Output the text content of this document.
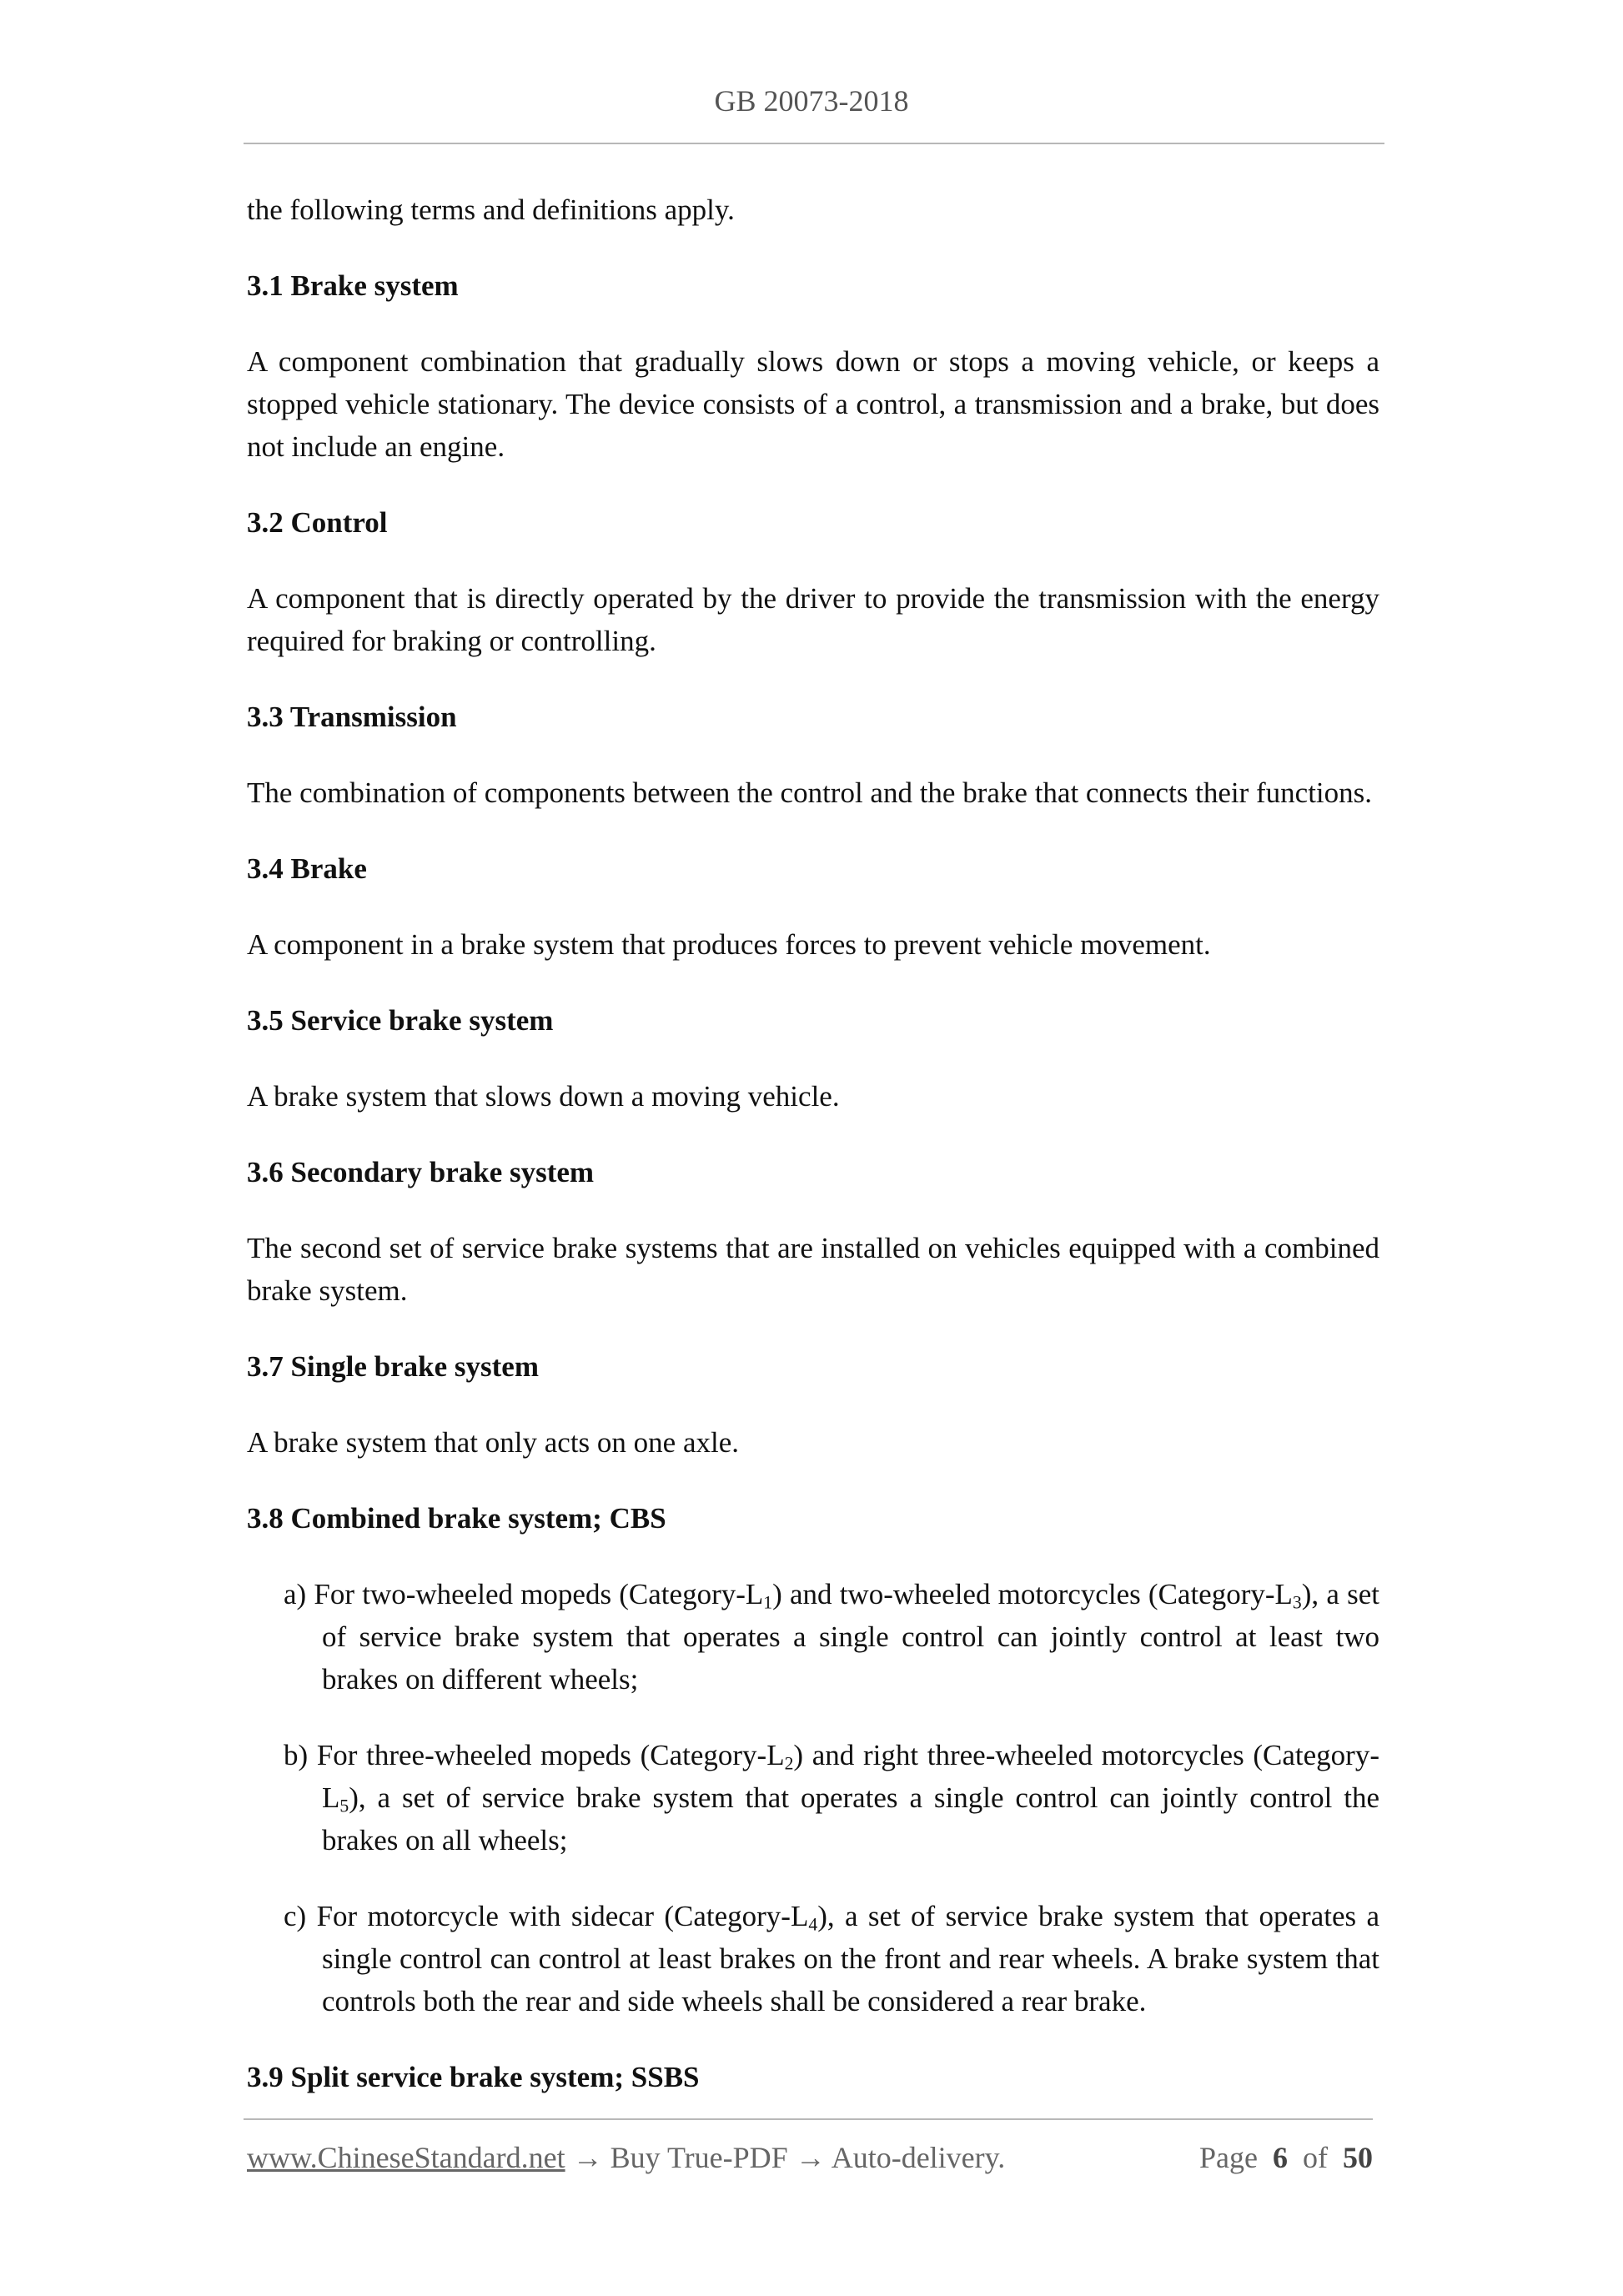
GB 20073-2018

the following terms and definitions apply.

3.1 Brake system

A component combination that gradually slows down or stops a moving vehicle, or keeps a stopped vehicle stationary. The device consists of a control, a transmission and a brake, but does not include an engine.

3.2 Control

A component that is directly operated by the driver to provide the transmission with the energy required for braking or controlling.

3.3 Transmission

The combination of components between the control and the brake that connects their functions.

3.4 Brake

A component in a brake system that produces forces to prevent vehicle movement.

3.5 Service brake system

A brake system that slows down a moving vehicle.

3.6 Secondary brake system

The second set of service brake systems that are installed on vehicles equipped with a combined brake system.

3.7 Single brake system

A brake system that only acts on one axle.

3.8 Combined brake system; CBS

a) For two-wheeled mopeds $(Category-L_1)$ and two-wheeled motorcycles $(Category-L_3)$, a set of service brake system that operates a single control can jointly control at least two brakes on different wheels;

b) For three-wheeled mopeds $(Category-L_2)$ and right three-wheeled motorcycles $(Category-L_5)$, a set of service brake system that operates a single control can jointly control the brakes on all wheels;

c) For motorcycle with sidecar $(Category-L_4)$, a set of service brake system that operates a single control can control at least brakes on the front and rear wheels. A brake system that controls both the rear and side wheels shall be considered a rear brake.

3.9 Split service brake system; SSBS

www.ChineseStandard.net → Buy True-PDF → Auto-delivery.	Page 6 of 50
